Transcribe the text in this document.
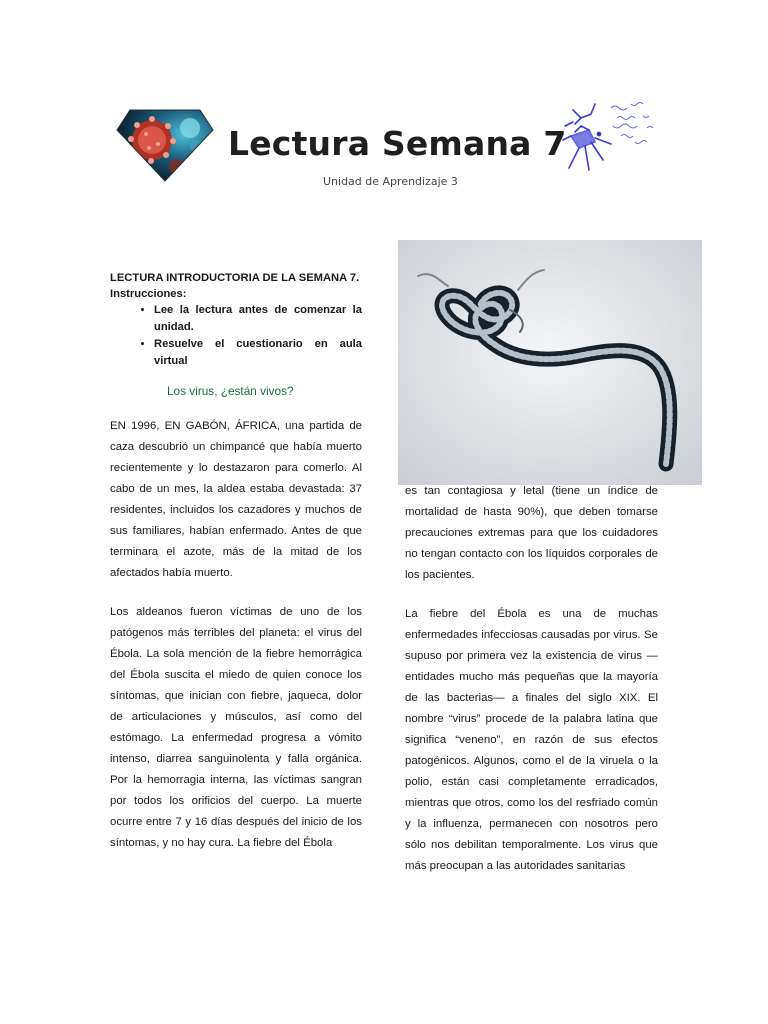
Lectura Semana 7
Unidad de Aprendizaje 3

LECTURA INTRODUCTORIA DE LA SEMANA 7.

Instrucciones:

• Lee la lectura antes de comenzar la unidad.
• Resuelve el cuestionario en aula virtual

Los virus, ¿están vivos?

EN 1996, EN GABÓN, ÁFRICA, una partida de caza descubrió un chimpancé que había muerto recientemente y lo destazaron para comerlo. Al cabo de un mes, la aldea estaba devastada: 37 residentes, incluidos los cazadores y muchos de sus familiares, habían enfermado. Antes de que terminara el azote, más de la mitad de los afectados había muerto.

Los aldeanos fueron víctimas de uno de los patógenos más terribles del planeta: el virus del Ébola. La sola mención de la fiebre hemorrágica del Ébola suscita el miedo de quien conoce los síntomas, que inician con fiebre, jaqueca, dolor de articulaciones y músculos, así como del estómago. La enfermedad progresa a vómito intenso, diarrea sanguinolenta y falla orgánica. Por la hemorragia interna, las víctimas sangran por todos los orificios del cuerpo. La muerte ocurre entre 7 y 16 días después del inicio de los síntomas, y no hay cura. La fiebre del Ébola

es tan contagiosa y letal (tiene un índice de mortalidad de hasta 90%), que deben tomarse precauciones extremas para que los cuidadores no tengan contacto con los líquidos corporales de los pacientes.

La fiebre del Ébola es una de muchas enfermedades infecciosas causadas por virus. Se supuso por primera vez la existencia de virus —entidades mucho más pequeñas que la mayoría de las bacterias— a finales del siglo XIX. El nombre “virus” procede de la palabra latina que significa “veneno”, en razón de sus efectos patogénicos. Algunos, como el de la viruela o la polio, están casi completamente erradicados, mientras que otros, como los del resfriado común y la influenza, permanecen con nosotros pero sólo nos debilitan temporalmente. Los virus que más preocupan a las autoridades sanitarias
